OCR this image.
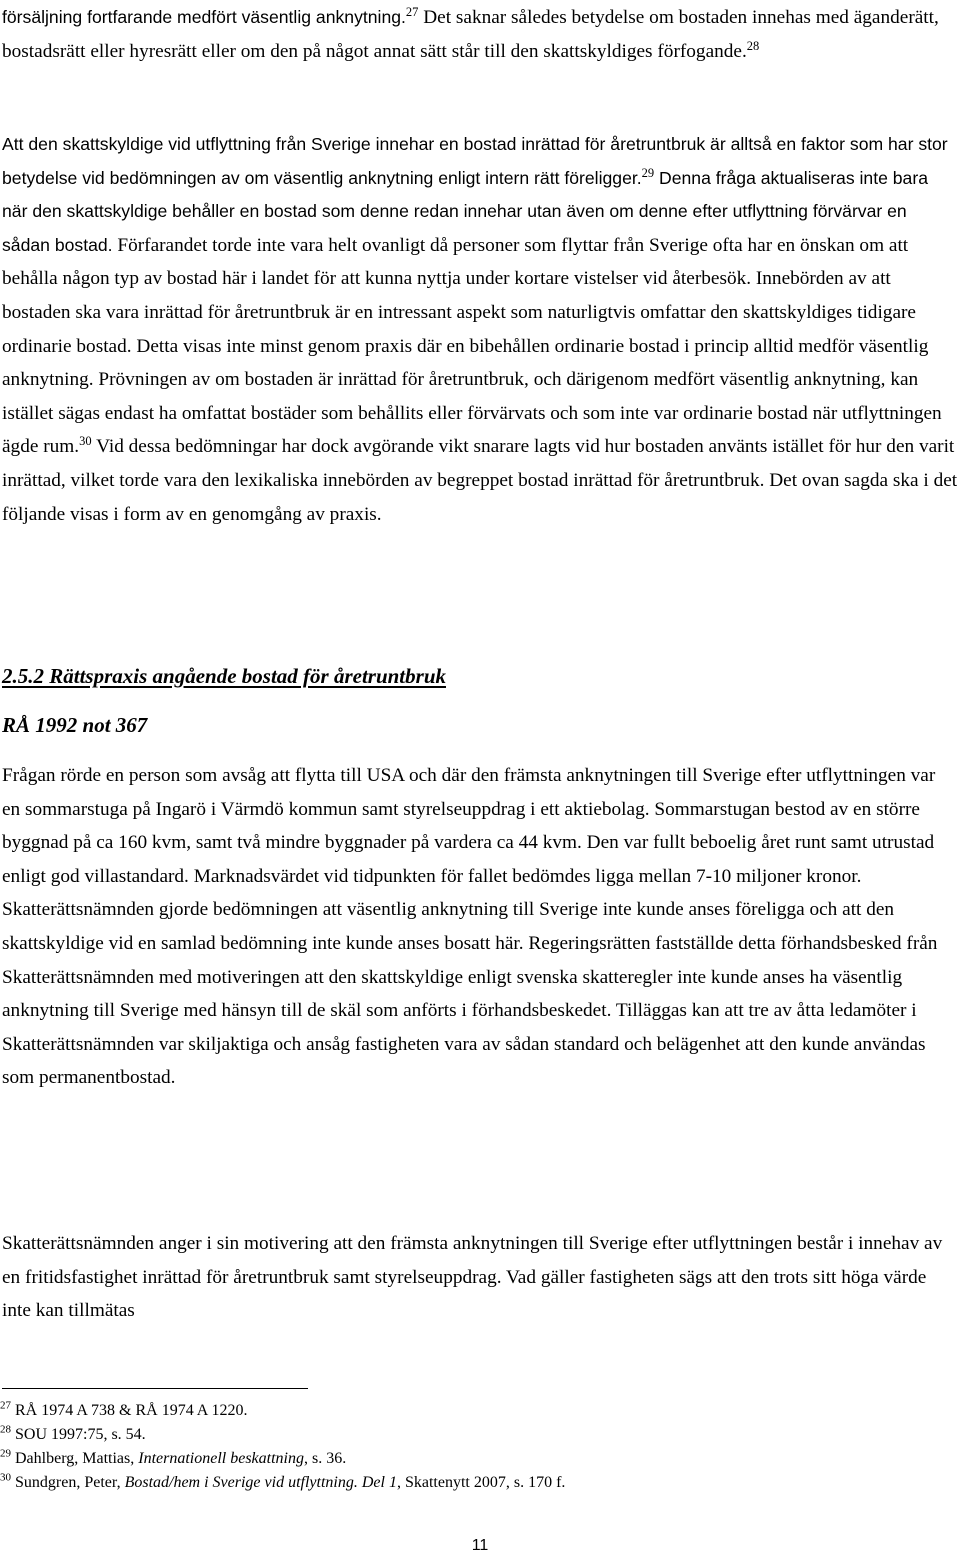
försäljning fortfarande medfört väsentlig anknytning.$^{27}$ Det saknar således betydelse om bostaden innehas med äganderätt, bostadsrätt eller hyresrätt eller om den på något annat sätt står till den skattskyldiges förfogande.$^{28}$

Att den skattskyldige vid utflyttning från Sverige innehar en bostad inrättad för åretruntbruk är alltså en faktor som har stor betydelse vid bedömningen av om väsentlig anknytning enligt intern rätt föreligger.$^{29}$ Denna fråga aktualiseras inte bara när den skattskyldige behåller en bostad som denne redan innehar utan även om denne efter utflyttning förvärvar en sådan bostad. Förfarandet torde inte vara helt ovanligt då personer som flyttar från Sverige ofta har en önskan om att behålla någon typ av bostad här i landet för att kunna nyttja under kortare vistelser vid återbesök. Innebörden av att bostaden ska vara inrättad för åretruntbruk är en intressant aspekt som naturligtvis omfattar den skattskyldiges tidigare ordinarie bostad. Detta visas inte minst genom praxis där en bibehållen ordinarie bostad i princip alltid medför väsentlig anknytning. Prövningen av om bostaden är inrättad för åretruntbruk, och därigenom medfört väsentlig anknytning, kan istället sägas endast ha omfattat bostäder som behållits eller förvärvats och som inte var ordinarie bostad när utflyttningen ägde rum.$^{30}$ Vid dessa bedömningar har dock avgörande vikt snarare lagts vid hur bostaden använts istället för hur den varit inrättad, vilket torde vara den lexikaliska innebörden av begreppet bostad inrättad för åretruntbruk. Det ovan sagda ska i det följande visas i form av en genomgång av praxis.

2.5.2 Rättspraxis angående bostad för åretruntbruk
RÅ 1992 not 367

Frågan rörde en person som avsåg att flytta till USA och där den främsta anknytningen till Sverige efter utflyttningen var en sommarstuga på Ingarö i Värmdö kommun samt styrelseuppdrag i ett aktiebolag. Sommarstugan bestod av en större byggnad på ca 160 kvm, samt två mindre byggnader på vardera ca 44 kvm. Den var fullt beboelig året runt samt utrustad enligt god villastandard. Marknadsvärdet vid tidpunkten för fallet bedömdes ligga mellan 7-10 miljoner kronor. Skatterättsnämnden gjorde bedömningen att väsentlig anknytning till Sverige inte kunde anses föreligga och att den skattskyldige vid en samlad bedömning inte kunde anses bosatt här. Regeringsrätten fastställde detta förhandsbesked från Skatterättsnämnden med motiveringen att den skattskyldige enligt svenska skatteregler inte kunde anses ha väsentlig anknytning till Sverige med hänsyn till de skäl som anförts i förhandsbeskedet. Tilläggas kan att tre av åtta ledamöter i Skatterättsnämnden var skiljaktiga och ansåg fastigheten vara av sådan standard och belägenhet att den kunde användas som permanentbostad.

Skatterättsnämnden anger i sin motivering att den främsta anknytningen till Sverige efter utflyttningen består i innehav av en fritidsfastighet inrättad för åretruntbruk samt styrelseuppdrag. Vad gäller fastigheten sägs att den trots sitt höga värde inte kan tillmätas

$^{27}$ RÅ 1974 A 738 & RÅ 1974 A 1220.
$^{28}$ SOU 1997:75, s. 54.
$^{29}$ Dahlberg, Mattias, Internationell beskattning, s. 36.
$^{30}$ Sundgren, Peter, Bostad/hem i Sverige vid utflyttning. Del 1, Skattenytt 2007, s. 170 f.

11
